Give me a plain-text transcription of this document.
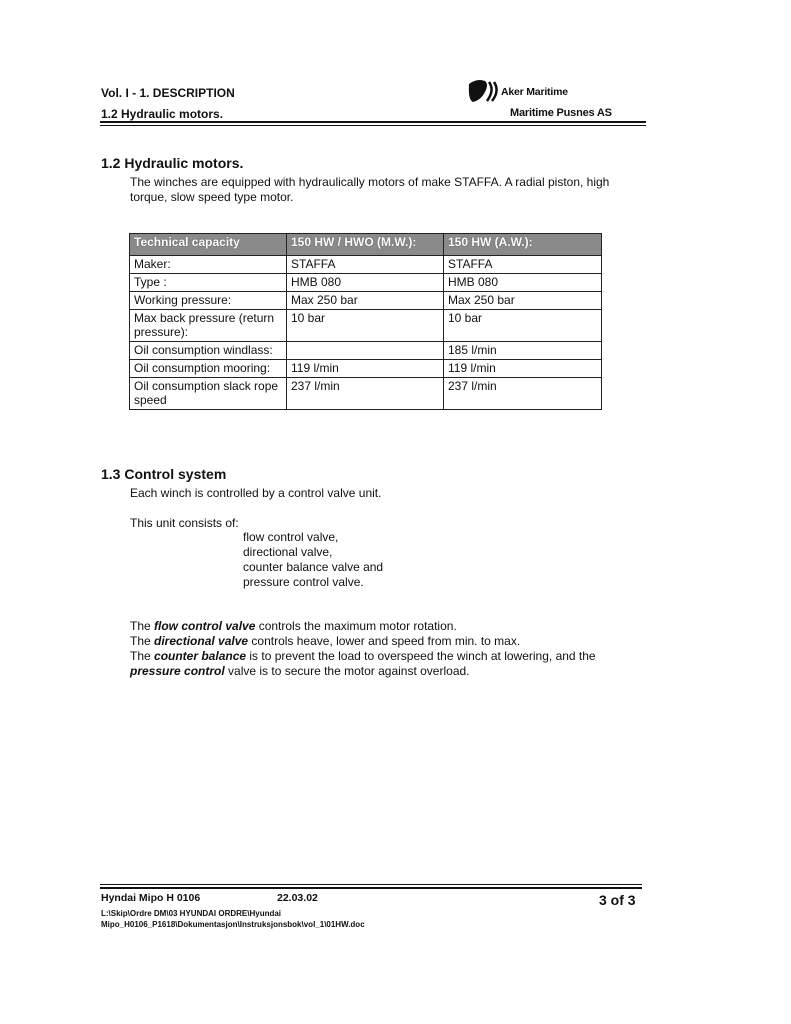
Vol. I - 1. DESCRIPTION
1.2 Hydraulic motors.
Aker Maritime
Maritime Pusnes AS
1.2 Hydraulic motors.
The winches are equipped with hydraulically motors of make STAFFA. A radial piston, high torque, slow speed type motor.
Technical capacity	150 HW / HWO (M.W.):	150 HW (A.W.):
Maker:	STAFFA	STAFFA
Type :	HMB 080	HMB 080
Working pressure:	Max 250 bar	Max 250 bar
Max back pressure (return pressure):	10 bar	10 bar
Oil consumption windlass:		185 l/min
Oil consumption mooring:	119 l/min	119 l/min
Oil consumption slack rope speed	237 l/min	237 l/min
1.3 Control system
Each winch is controlled by a control valve unit.
This unit consists of:
flow control valve,
directional valve,
counter balance valve and
pressure control valve.
The flow control valve controls the maximum motor rotation.
The directional valve controls heave, lower and speed from min. to max.
The counter balance is to prevent the load to overspeed the winch at lowering, and the
pressure control valve is to secure the motor against overload.
Hyndai Mipo H 0106	22.03.02	3 of 3
L:\Skip\Ordre DM\03 HYUNDAI ORDRE\Hyundai
Mipo_H0106_P1618\Dokumentasjon\Instruksjonsbok\vol_1\01HW.doc
